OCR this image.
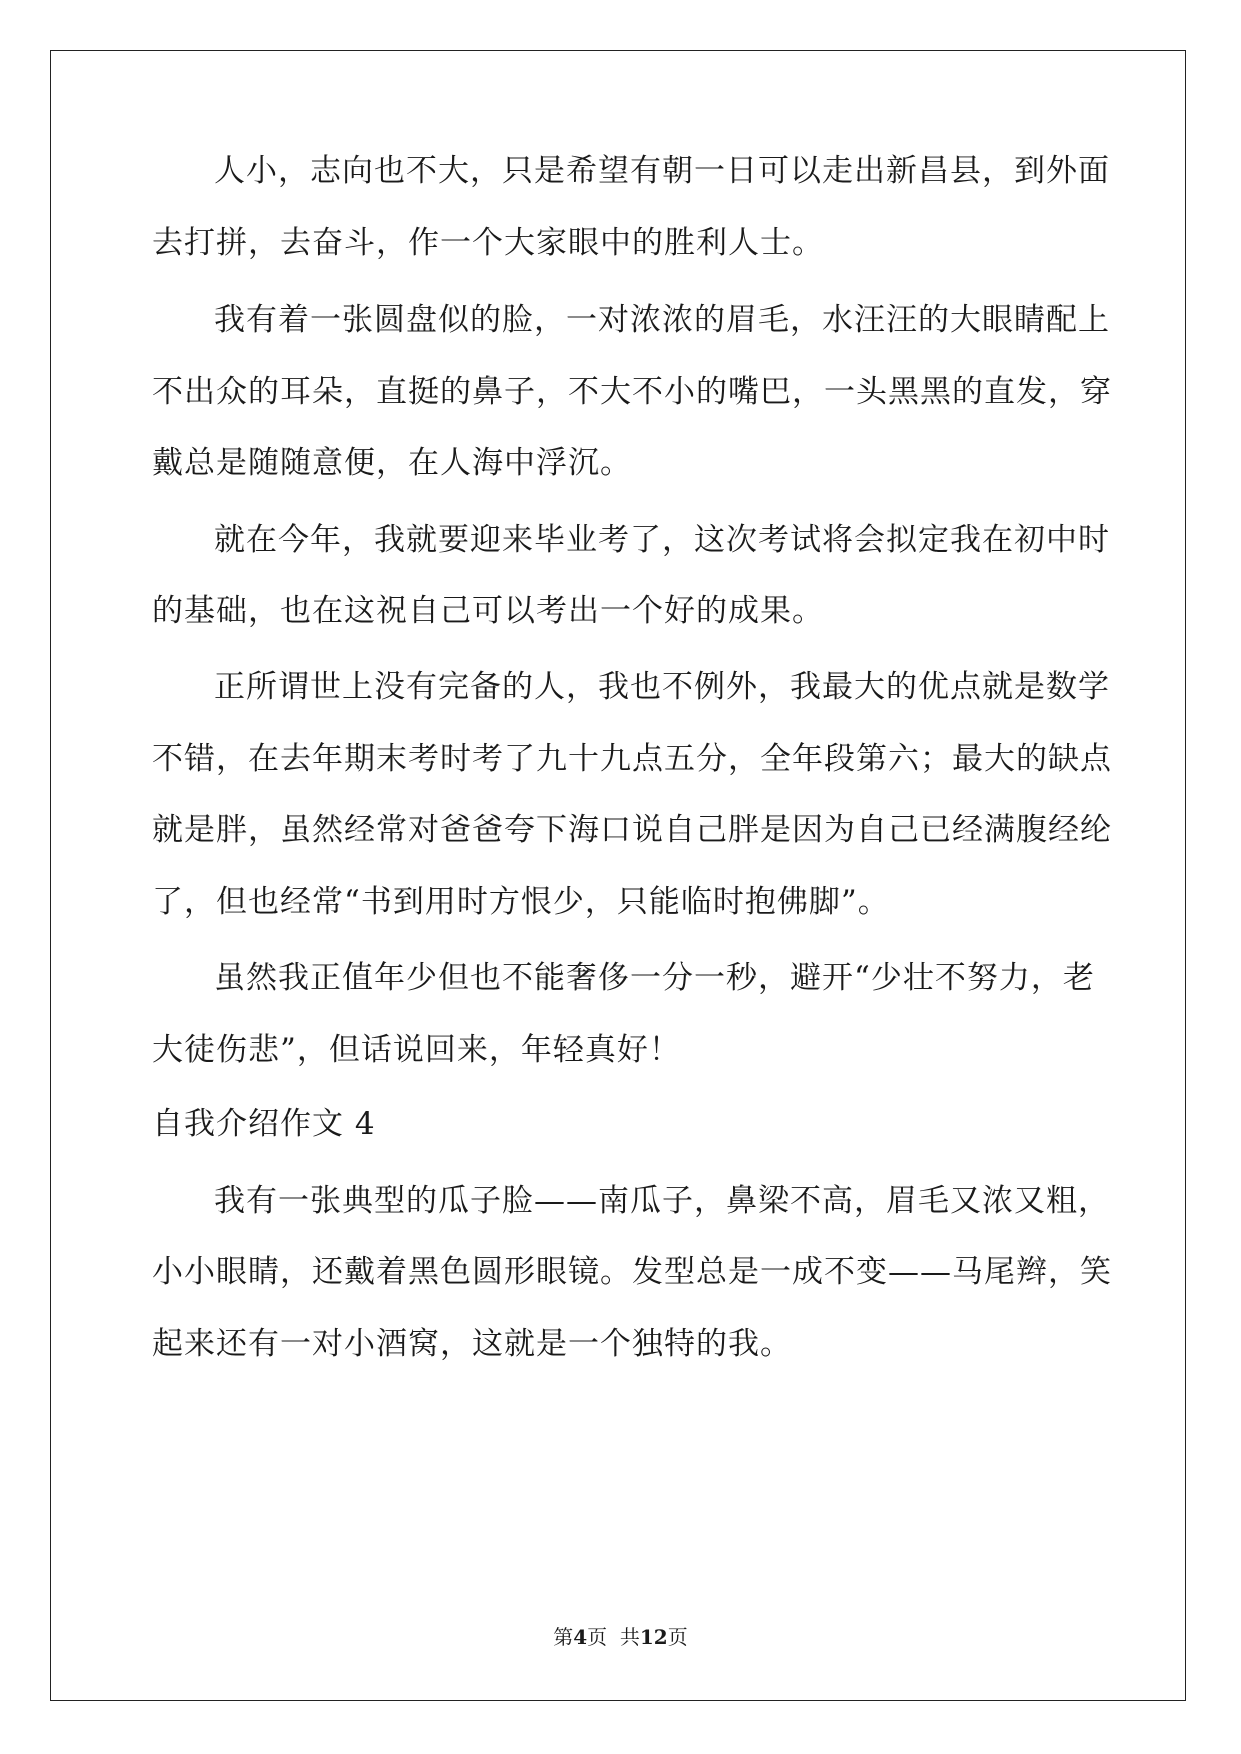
人小，志向也不大，只是希望有朝一日可以走出新昌县，到外面
去打拼，去奋斗，作一个大家眼中的胜利人士。
我有着一张圆盘似的脸，一对浓浓的眉毛，水汪汪的大眼睛配上
不出众的耳朵，直挺的鼻子，不大不小的嘴巴，一头黑黑的直发，穿
戴总是随随意便，在人海中浮沉。
就在今年，我就要迎来毕业考了，这次考试将会拟定我在初中时
的基础，也在这祝自己可以考出一个好的成果。
正所谓世上没有完备的人，我也不例外，我最大的优点就是数学
不错，在去年期末考时考了九十九点五分，全年段第六；最大的缺点
就是胖，虽然经常对爸爸夸下海口说自己胖是因为自己已经满腹经纶
了，但也经常“书到用时方恨少，只能临时抱佛脚”。
虽然我正值年少但也不能奢侈一分一秒，避开“少壮不努力，老
大徒伤悲”，但话说回来，年轻真好！
自我介绍作文 4
我有一张典型的瓜子脸——南瓜子，鼻梁不高，眉毛又浓又粗，
小小眼睛，还戴着黑色圆形眼镜。发型总是一成不变——马尾辫，笑
起来还有一对小酒窝，这就是一个独特的我。
第4页  共12页
